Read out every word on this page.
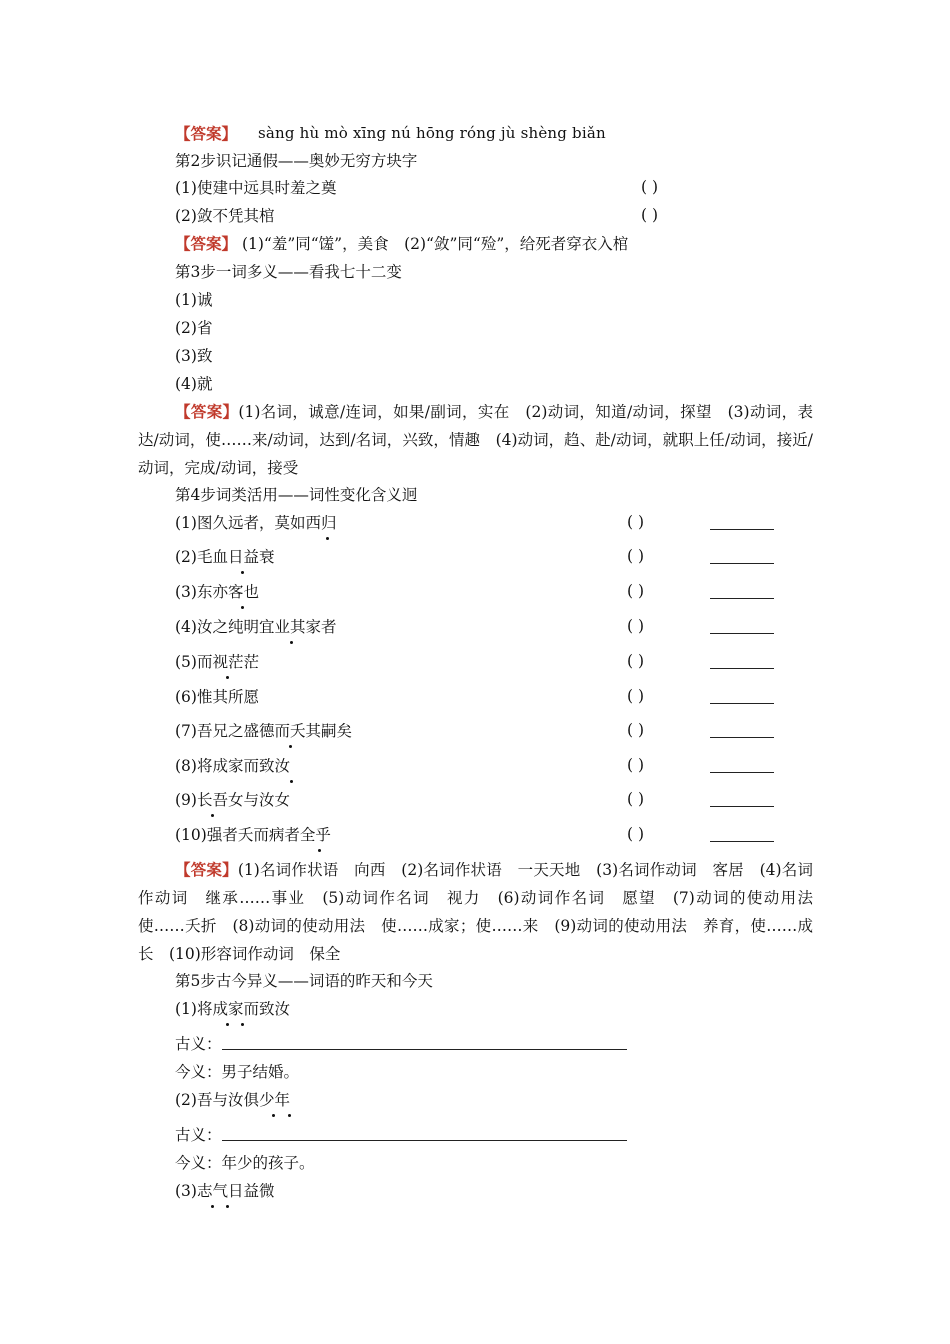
【答案】 sàng hù mò xīng nú hōng róng jù shèng biǎn
第2步识记通假——奥妙无穷方块字
(1)使建中远具时羞之奠	( )
(2)敛不凭其棺	( )
【答案】 (1)“羞”同“馐”，美食　(2)“敛”同“殓”，给死者穿衣入棺
第3步一词多义——看我七十二变
(1)诚
(2)省
(3)致
(4)就
【答案】(1)名词，诚意/连词，如果/副词，实在　(2)动词，知道/动词，探望　(3)动词，表达/动词，使……来/动词，达到/名词，兴致，情趣　(4)动词，趋、赴/动词，就职上任/动词，接近/动词，完成/动词，接受
第4步词类活用——词性变化含义迥
(1)图久远者，莫如西归	( )
(2)毛血日益衰	( )
(3)东亦客也	( )
(4)汝之纯明宜业其家者	( )
(5)而视茫茫	( )
(6)惟其所愿	( )
(7)吾兄之盛德而夭其嗣矣	( )
(8)将成家而致汝	( )
(9)长吾女与汝女	( )
(10)强者夭而病者全乎	( )
【答案】(1)名词作状语　向西　(2)名词作状语　一天天地　(3)名词作动词　客居　(4)名词作动词　继承……事业　(5)动词作名词　视力　(6)动词作名词　愿望　(7)动词的使动用法　使……夭折　(8)动词的使动用法　使……成家；使……来　(9)动词的使动用法　养育，使……成长　(10)形容词作动词　保全
第5步古今异义——词语的昨天和今天
(1)将成家而致汝
古义：
今义：男子结婚。
(2)吾与汝俱少年
古义：
今义：年少的孩子。
(3)志气日益微
